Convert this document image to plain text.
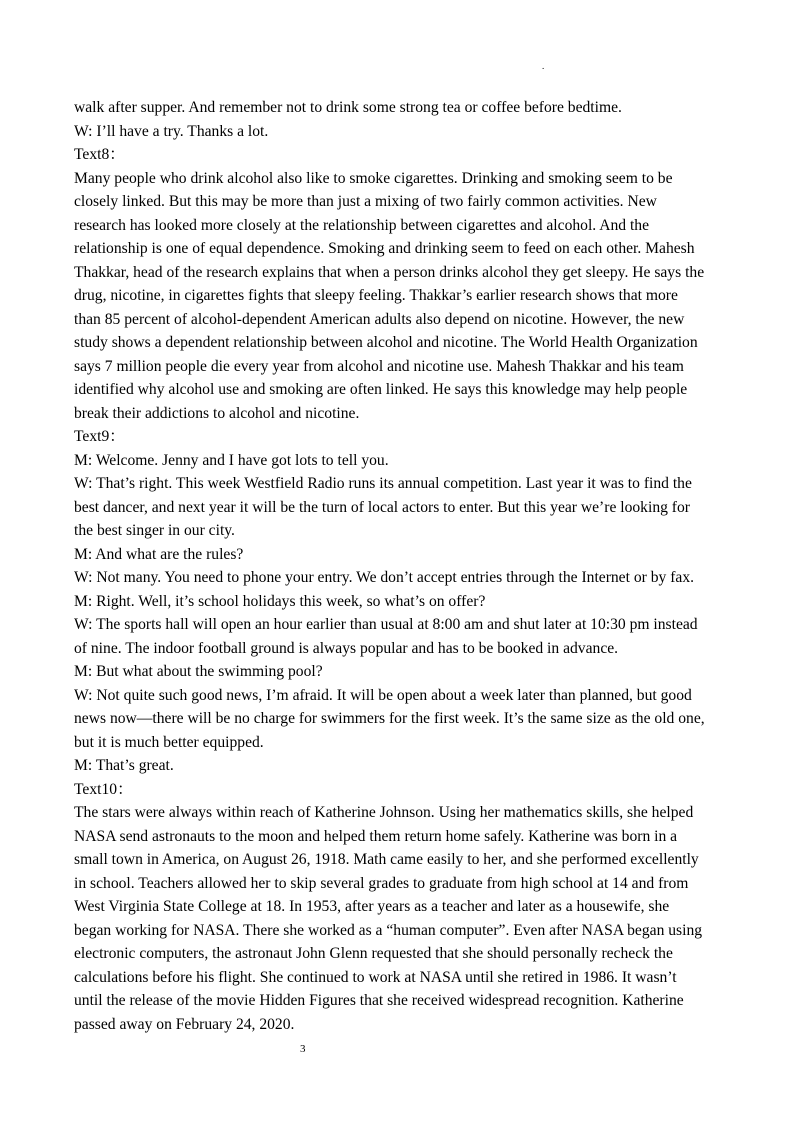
.
walk after supper. And remember not to drink some strong tea or coffee before bedtime.
W: I’ll have a try. Thanks a lot.
Text8：
Many people who drink alcohol also like to smoke cigarettes. Drinking and smoking seem to be
closely linked. But this may be more than just a mixing of two fairly common activities. New
research has looked more closely at the relationship between cigarettes and alcohol. And the
relationship is one of equal dependence. Smoking and drinking seem to feed on each other. Mahesh
Thakkar, head of the research explains that when a person drinks alcohol they get sleepy. He says the
drug, nicotine, in cigarettes fights that sleepy feeling. Thakkar’s earlier research shows that more
than 85 percent of alcohol-dependent American adults also depend on nicotine. However, the new
study shows a dependent relationship between alcohol and nicotine. The World Health Organization
says 7 million people die every year from alcohol and nicotine use. Mahesh Thakkar and his team
identified why alcohol use and smoking are often linked. He says this knowledge may help people
break their addictions to alcohol and nicotine.
Text9：
M: Welcome. Jenny and I have got lots to tell you.
W: That’s right. This week Westfield Radio runs its annual competition. Last year it was to find the
best dancer, and next year it will be the turn of local actors to enter. But this year we’re looking for
the best singer in our city.
M: And what are the rules?
W: Not many. You need to phone your entry. We don’t accept entries through the Internet or by fax.
M: Right. Well, it’s school holidays this week, so what’s on offer?
W: The sports hall will open an hour earlier than usual at 8:00 am and shut later at 10:30 pm instead
of nine. The indoor football ground is always popular and has to be booked in advance.
M: But what about the swimming pool?
W: Not quite such good news, I’m afraid. It will be open about a week later than planned, but good
news now—there will be no charge for swimmers for the first week. It’s the same size as the old one,
but it is much better equipped.
M: That’s great.
Text10：
The stars were always within reach of Katherine Johnson. Using her mathematics skills, she helped
NASA send astronauts to the moon and helped them return home safely. Katherine was born in a
small town in America, on August 26, 1918. Math came easily to her, and she performed excellently
in school. Teachers allowed her to skip several grades to graduate from high school at 14 and from
West Virginia State College at 18. In 1953, after years as a teacher and later as a housewife, she
began working for NASA. There she worked as a “human computer”. Even after NASA began using
electronic computers, the astronaut John Glenn requested that she should personally recheck the
calculations before his flight. She continued to work at NASA until she retired in 1986. It wasn’t
until the release of the movie Hidden Figures that she received widespread recognition. Katherine
passed away on February 24, 2020.
3
